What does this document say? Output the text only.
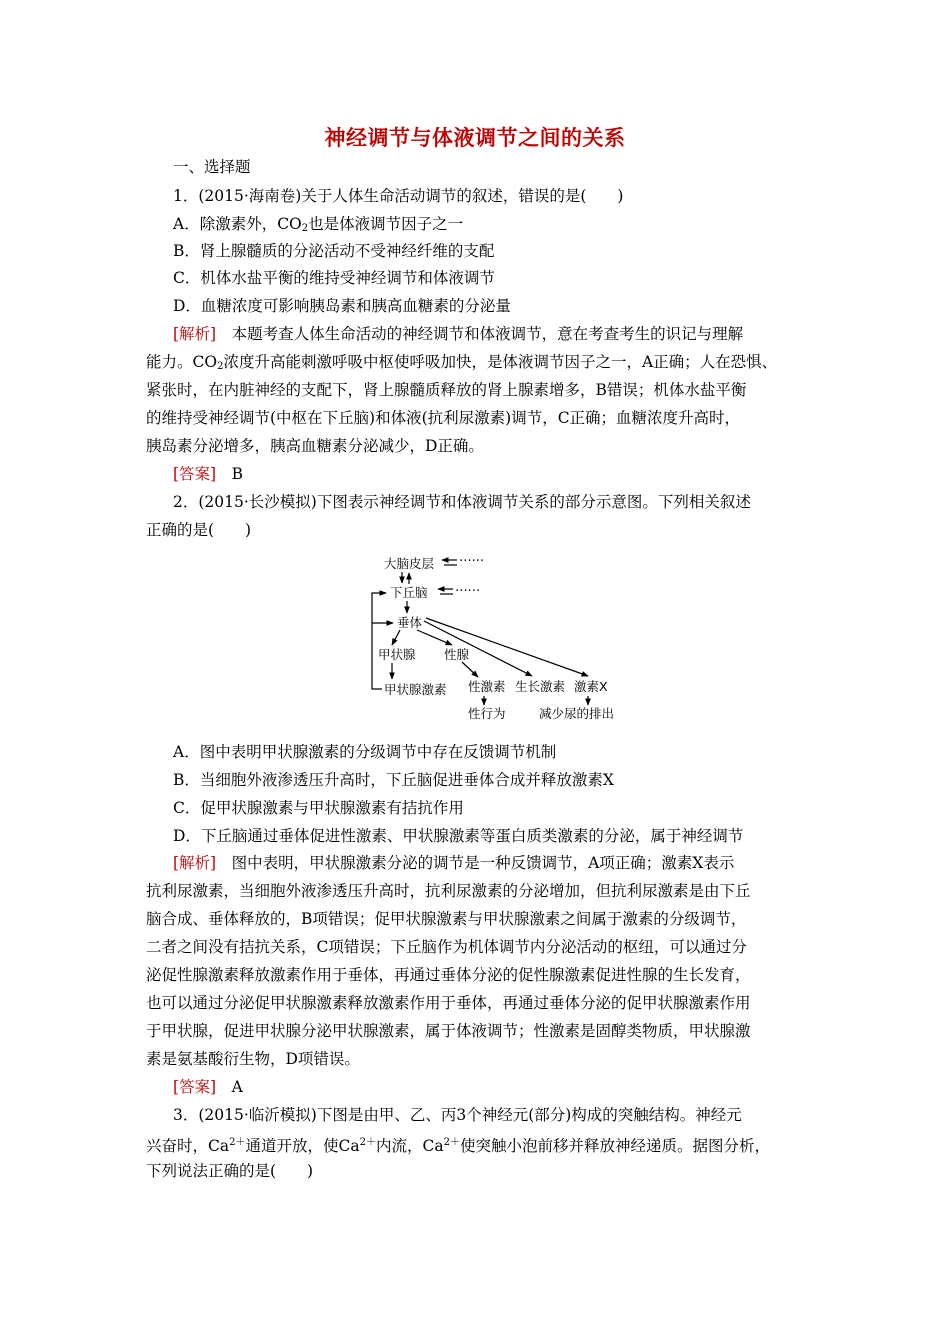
神经调节与体液调节之间的关系
一、选择题
1．(2015·海南卷)关于人体生命活动调节的叙述，错误的是(　　)
A．除激素外，$CO_2$也是体液调节因子之一
B．肾上腺髓质的分泌活动不受神经纤维的支配
C．机体水盐平衡的维持受神经调节和体液调节
D．血糖浓度可影响胰岛素和胰高血糖素的分泌量
[解析]　本题考查人体生命活动的神经调节和体液调节，意在考查考生的识记与理解
能力。$CO_2$浓度升高能刺激呼吸中枢使呼吸加快，是体液调节因子之一，A正确；人在恐惧、
紧张时，在内脏神经的支配下，肾上腺髓质释放的肾上腺素增多，B错误；机体水盐平衡
的维持受神经调节(中枢在下丘脑)和体液(抗利尿激素)调节，C正确；血糖浓度升高时，
胰岛素分泌增多，胰高血糖素分泌减少，D正确。
[答案]　B
2．(2015·长沙模拟)下图表示神经调节和体液调节关系的部分示意图。下列相关叙述
正确的是(　　)
大脑皮层
下丘脑
垂体
甲状腺 性腺
甲状腺激素 性激素 生长激素 激素X
性行为	减少尿的排出
⋯⋯
⋯⋯
A．图中表明甲状腺激素的分级调节中存在反馈调节机制
B．当细胞外液渗透压升高时，下丘脑促进垂体合成并释放激素X
C．促甲状腺激素与甲状腺激素有拮抗作用
D．下丘脑通过垂体促进性激素、甲状腺激素等蛋白质类激素的分泌，属于神经调节
[解析]　图中表明，甲状腺激素分泌的调节是一种反馈调节，A项正确；激素X表示
抗利尿激素，当细胞外液渗透压升高时，抗利尿激素的分泌增加，但抗利尿激素是由下丘
脑合成、垂体释放的，B项错误；促甲状腺激素与甲状腺激素之间属于激素的分级调节，
二者之间没有拮抗关系，C项错误；下丘脑作为机体调节内分泌活动的枢纽，可以通过分
泌促性腺激素释放激素作用于垂体，再通过垂体分泌的促性腺激素促进性腺的生长发育，
也可以通过分泌促甲状腺激素释放激素作用于垂体，再通过垂体分泌的促甲状腺激素作用
于甲状腺，促进甲状腺分泌甲状腺激素，属于体液调节；性激素是固醇类物质，甲状腺激
素是氨基酸衍生物，D项错误。
[答案]　A
3．(2015·临沂模拟)下图是由甲、乙、丙3个神经元(部分)构成的突触结构。神经元
兴奋时，$Ca^{2+}$通道开放，使$Ca^{2+}$内流，$Ca^{2+}$使突触小泡前移并释放神经递质。据图分析，
下列说法正确的是(　　)
